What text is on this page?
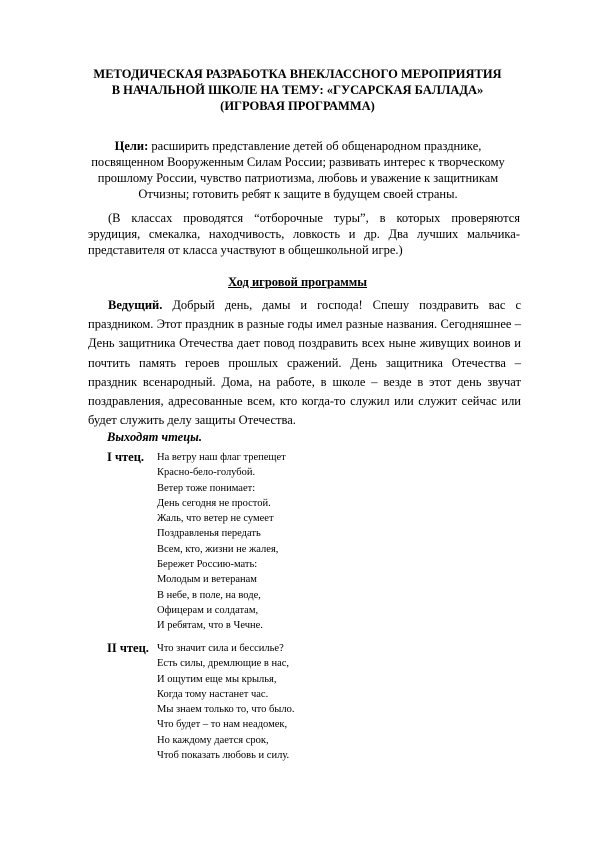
МЕТОДИЧЕСКАЯ РАЗРАБОТКА ВНЕКЛАССНОГО МЕРОПРИЯТИЯ
В НАЧАЛЬНОЙ ШКОЛЕ НА ТЕМУ: «ГУСАРСКАЯ БАЛЛАДА»
(ИГРОВАЯ ПРОГРАММА)

Цели: расширить представление детей об общенародном празднике, посвященном Вооруженным Силам России; развивать интерес к творческому прошлому России, чувство патриотизма, любовь и уважение к защитникам Отчизны; готовить ребят к защите в будущем своей страны.

(В классах проводятся “отборочные туры”, в которых проверяются эрудиция, смекалка, находчивость, ловкость и др. Два лучших мальчика-представителя от класса участвуют в общешкольной игре.)

Ход игровой программы

Ведущий. Добрый день, дамы и господа! Спешу поздравить вас с праздником. Этот праздник в разные годы имел разные названия. Сегодняшнее – День защитника Отечества дает повод поздравить всех ныне живущих воинов и почтить память героев прошлых сражений. День защитника Отечества – праздник всенародный. Дома, на работе, в школе – везде в этот день звучат поздравления, адресованные всем, кто когда-то служил или служит сейчас или будет служить делу защиты Отечества.

Выходят чтецы.
I чтец. На ветру наш флаг трепещет
Красно-бело-голубой.
Ветер тоже понимает:
День сегодня не простой.
Жаль, что ветер не сумеет
Поздравленья передать
Всем, кто, жизни не жалея,
Бережет Россию-мать:
Молодым и ветеранам
В небе, в поле, на воде,
Офицерам и солдатам,
И ребятам, что в Чечне.
II чтец. Что значит сила и бессилье?
Есть силы, дремлющие в нас,
И ощутим еще мы крылья,
Когда тому настанет час.
Мы знаем только то, что было.
Что будет – то нам неадомек,
Но каждому дается срок,
Чтоб показать любовь и силу.
